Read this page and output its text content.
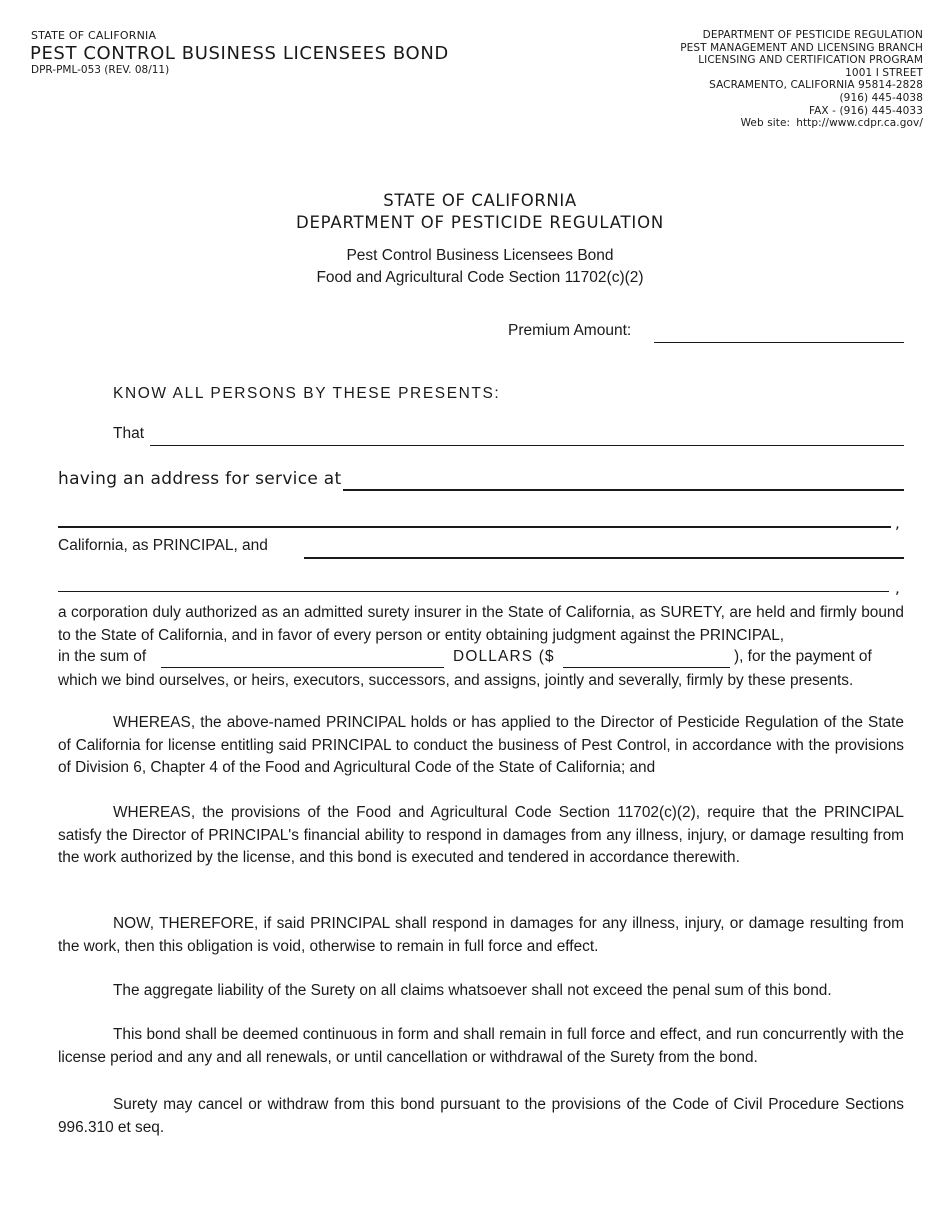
STATE OF CALIFORNIA
PEST CONTROL BUSINESS LICENSEES BOND
DPR-PML-053 (REV. 08/11)
DEPARTMENT OF PESTICIDE REGULATION
PEST MANAGEMENT AND LICENSING BRANCH
LICENSING AND CERTIFICATION PROGRAM
1001 I STREET
SACRAMENTO, CALIFORNIA 95814-2828
(916) 445-4038
FAX - (916) 445-4033
Web site: http://www.cdpr.ca.gov/
STATE OF CALIFORNIA
DEPARTMENT OF PESTICIDE REGULATION
Pest Control Business Licensees Bond
Food and Agricultural Code Section 11702(c)(2)
Premium Amount:
KNOW ALL PERSONS BY THESE PRESENTS:
That
having an address for service at
,
California, as PRINCIPAL, and
,
a corporation duly authorized as an admitted surety insurer in the State of California, as SURETY, are held and firmly bound to the State of California, and in favor of every person or entity obtaining judgment against the PRINCIPAL,
in the sum of	DOLLARS ($	), for the payment of
which we bind ourselves, or heirs, executors, successors, and assigns, jointly and severally, firmly by these presents.
WHEREAS, the above-named PRINCIPAL holds or has applied to the Director of Pesticide Regulation of the State of California for license entitling said PRINCIPAL to conduct the business of Pest Control, in accordance with the provisions of Division 6, Chapter 4 of the Food and Agricultural Code of the State of California; and
WHEREAS, the provisions of the Food and Agricultural Code Section 11702(c)(2), require that the PRINCIPAL satisfy the Director of PRINCIPAL's financial ability to respond in damages from any illness, injury, or damage resulting from the work authorized by the license, and this bond is executed and tendered in accordance therewith.
NOW, THEREFORE, if said PRINCIPAL shall respond in damages for any illness, injury, or damage resulting from the work, then this obligation is void, otherwise to remain in full force and effect.
The aggregate liability of the Surety on all claims whatsoever shall not exceed the penal sum of this bond.
This bond shall be deemed continuous in form and shall remain in full force and effect, and run concurrently with the license period and any and all renewals, or until cancellation or withdrawal of the Surety from the bond.
Surety may cancel or withdraw from this bond pursuant to the provisions of the Code of Civil Procedure Sections 996.310 et seq.
